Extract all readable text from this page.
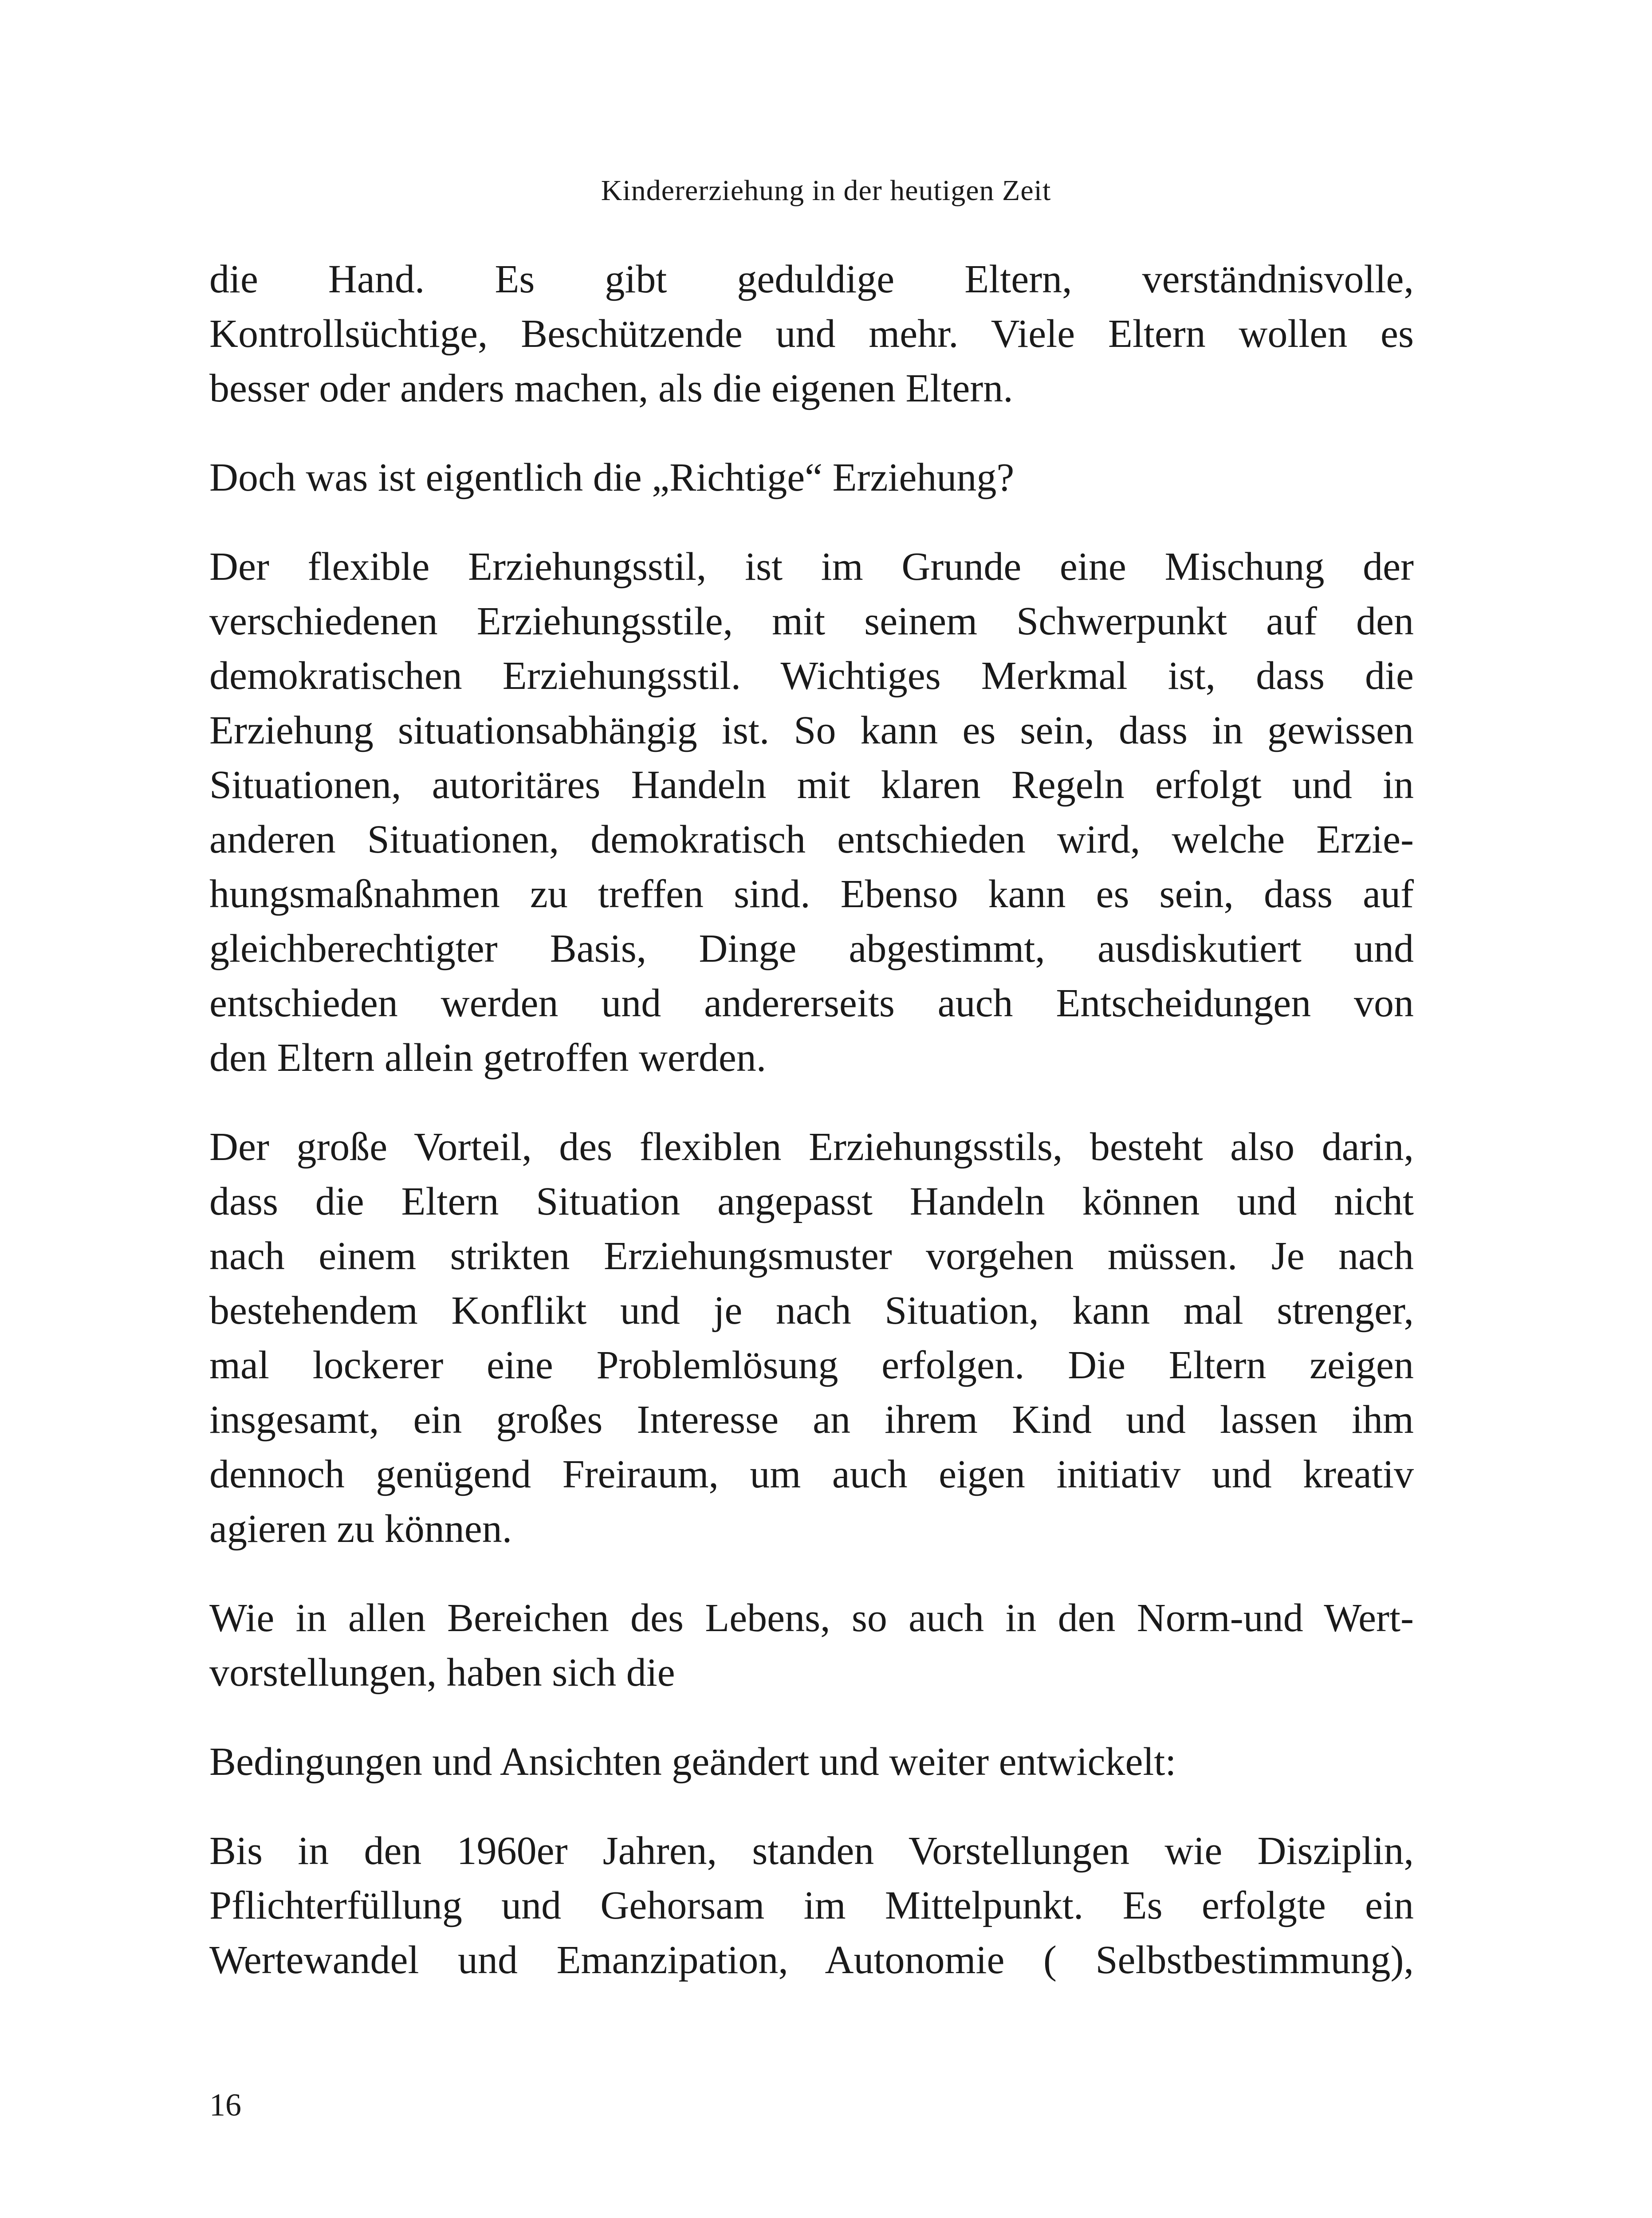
Kindererziehung in der heutigen Zeit

die Hand. Es gibt geduldige Eltern, verständnisvolle,
Kontrollsüchtige, Beschützende und mehr. Viele Eltern wollen es
besser oder anders machen, als die eigenen Eltern.

Doch was ist eigentlich die „Richtige“ Erziehung?

Der flexible Erziehungsstil, ist im Grunde eine Mischung der
verschiedenen Erziehungsstile, mit seinem Schwerpunkt auf den
demokratischen Erziehungsstil. Wichtiges Merkmal ist, dass die
Erziehung situationsabhängig ist. So kann es sein, dass in gewissen
Situationen, autoritäres Handeln mit klaren Regeln erfolgt und in
anderen Situationen, demokratisch entschieden wird, welche Erzie-
hungsmaßnahmen zu treffen sind. Ebenso kann es sein, dass auf
gleichberechtigter Basis, Dinge abgestimmt, ausdiskutiert und
entschieden werden und andererseits auch Entscheidungen von
den Eltern allein getroffen werden.

Der große Vorteil, des flexiblen Erziehungsstils, besteht also darin,
dass die Eltern Situation angepasst Handeln können und nicht
nach einem strikten Erziehungsmuster vorgehen müssen. Je nach
bestehendem Konflikt und je nach Situation, kann mal strenger,
mal lockerer eine Problemlösung erfolgen. Die Eltern zeigen
insgesamt, ein großes Interesse an ihrem Kind und lassen ihm
dennoch genügend Freiraum, um auch eigen initiativ und kreativ
agieren zu können.

Wie in allen Bereichen des Lebens, so auch in den Norm-und Wert-
vorstellungen, haben sich die

Bedingungen und Ansichten geändert und weiter entwickelt:

Bis in den 1960er Jahren, standen Vorstellungen wie Disziplin,
Pflichterfüllung und Gehorsam im Mittelpunkt. Es erfolgte ein
Wertewandel und Emanzipation, Autonomie ( Selbstbestimmung),

16
